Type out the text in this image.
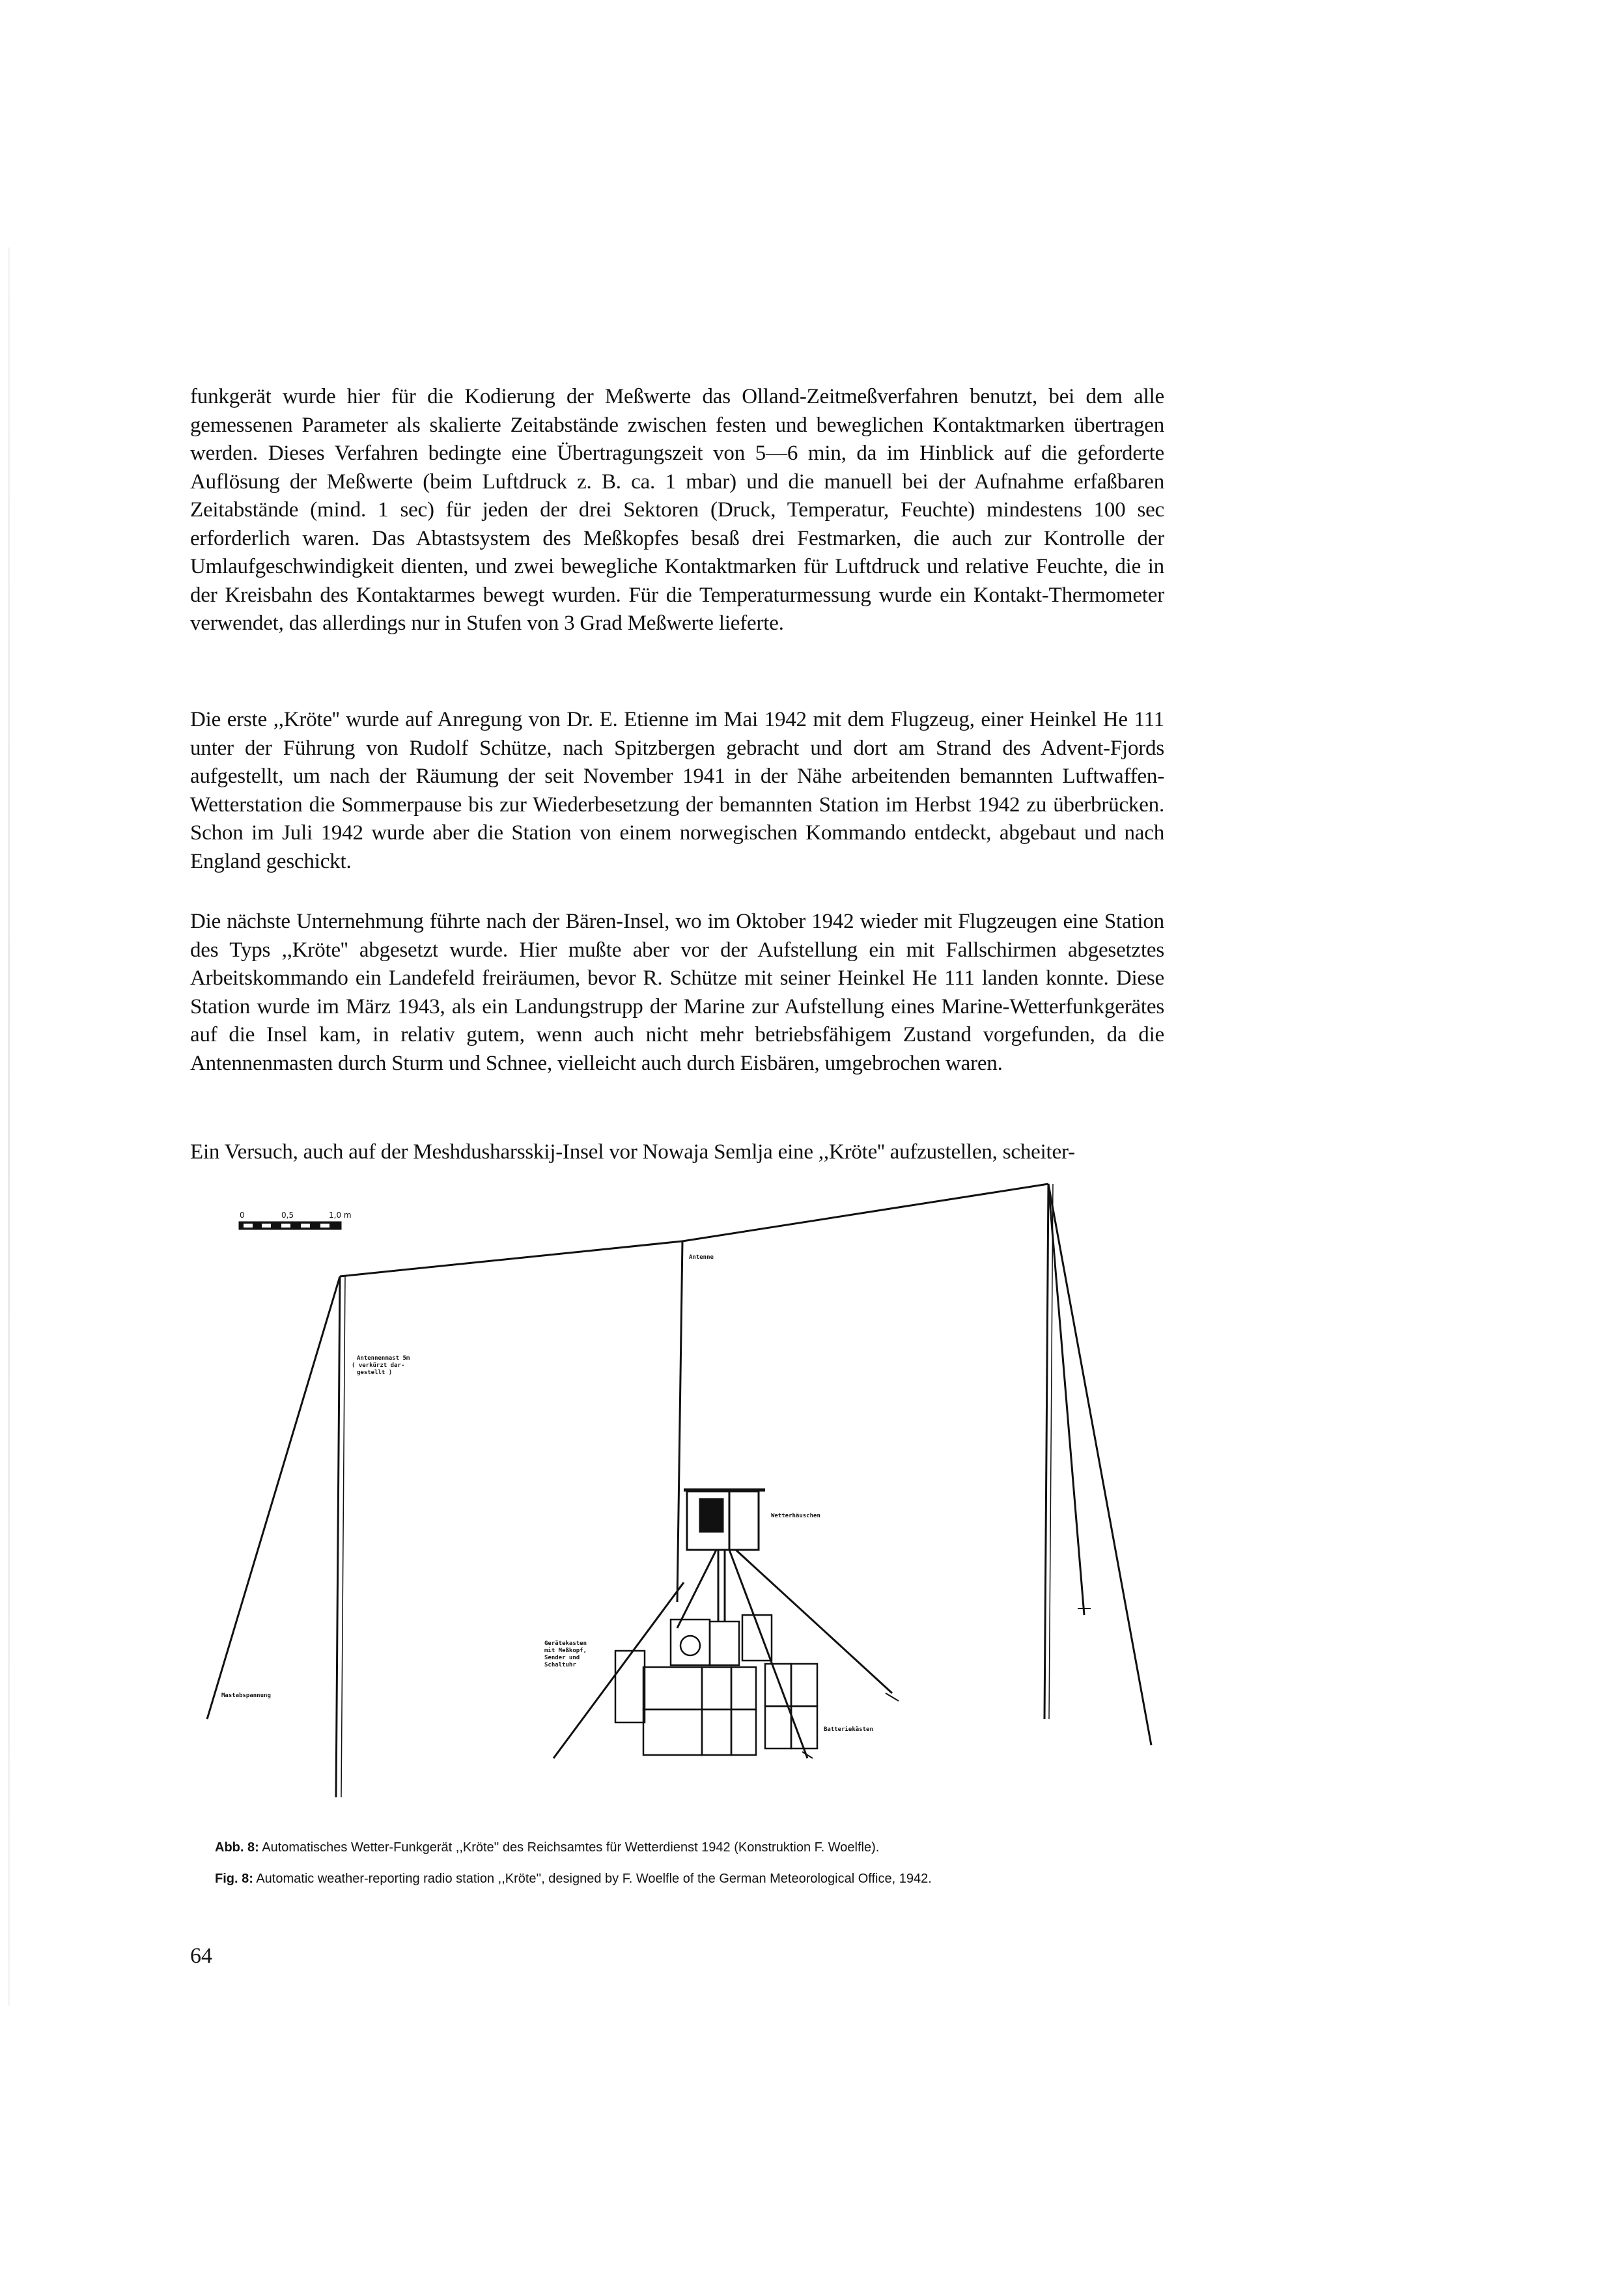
funkgerät wurde hier für die Kodierung der Meßwerte das Olland-Zeitmeßverfahren benutzt, bei dem alle gemessenen Parameter als skalierte Zeitabstände zwischen festen und beweglichen Kontaktmarken übertragen werden. Dieses Verfahren bedingte eine Übertragungszeit von 5—6 min, da im Hinblick auf die geforderte Auflösung der Meßwerte (beim Luftdruck z. B. ca. 1 mbar) und die manuell bei der Aufnahme erfaßbaren Zeitabstände (mind. 1 sec) für jeden der drei Sektoren (Druck, Temperatur, Feuchte) mindestens 100 sec erforderlich waren. Das Abtastsystem des Meßkopfes besaß drei Festmarken, die auch zur Kontrolle der Umlaufgeschwindigkeit dienten, und zwei bewegliche Kontaktmarken für Luftdruck und relative Feuchte, die in der Kreisbahn des Kontaktarmes bewegt wurden. Für die Temperaturmessung wurde ein Kontakt-Thermometer verwendet, das allerdings nur in Stufen von 3 Grad Meßwerte lieferte.

Die erste ,,Kröte'' wurde auf Anregung von Dr. E. Etienne im Mai 1942 mit dem Flugzeug, einer Heinkel He 111 unter der Führung von Rudolf Schütze, nach Spitzbergen gebracht und dort am Strand des Advent-Fjords aufgestellt, um nach der Räumung der seit November 1941 in der Nähe arbeitenden bemannten Luftwaffen-Wetterstation die Sommerpause bis zur Wiederbesetzung der bemannten Station im Herbst 1942 zu überbrücken. Schon im Juli 1942 wurde aber die Station von einem norwegischen Kommando entdeckt, abgebaut und nach England geschickt.

Die nächste Unternehmung führte nach der Bären-Insel, wo im Oktober 1942 wieder mit Flugzeugen eine Station des Typs ,,Kröte'' abgesetzt wurde. Hier mußte aber vor der Aufstellung ein mit Fallschirmen abgesetztes Arbeitskommando ein Landefeld freiräumen, bevor R. Schütze mit seiner Heinkel He 111 landen konnte. Diese Station wurde im März 1943, als ein Landungstrupp der Marine zur Aufstellung eines Marine-Wetterfunkgerätes auf die Insel kam, in relativ gutem, wenn auch nicht mehr betriebsfähigem Zustand vorgefunden, da die Antennenmasten durch Sturm und Schnee, vielleicht auch durch Eisbären, umgebrochen waren.

Ein Versuch, auch auf der Meshdusharsskij-Insel vor Nowaja Semlja eine ,,Kröte'' aufzustellen, scheiter-

0	0,5	1,0 m
Antenne
Antennenmast 5m
( verkürzt dar-
gestellt )
Wetterhäuschen
Gerätekasten
mit Meßkopf,
Sender und
Schaltuhr
Mastabspannung
Batteriekästen
Abb. 8: Automatisches Wetter-Funkgerät ,,Kröte'' des Reichsamtes für Wetterdienst 1942 (Konstruktion F. Woelfle).
Fig. 8: Automatic weather-reporting radio station ,,Kröte'', designed by F. Woelfle of the German Meteorological Office, 1942.
64
